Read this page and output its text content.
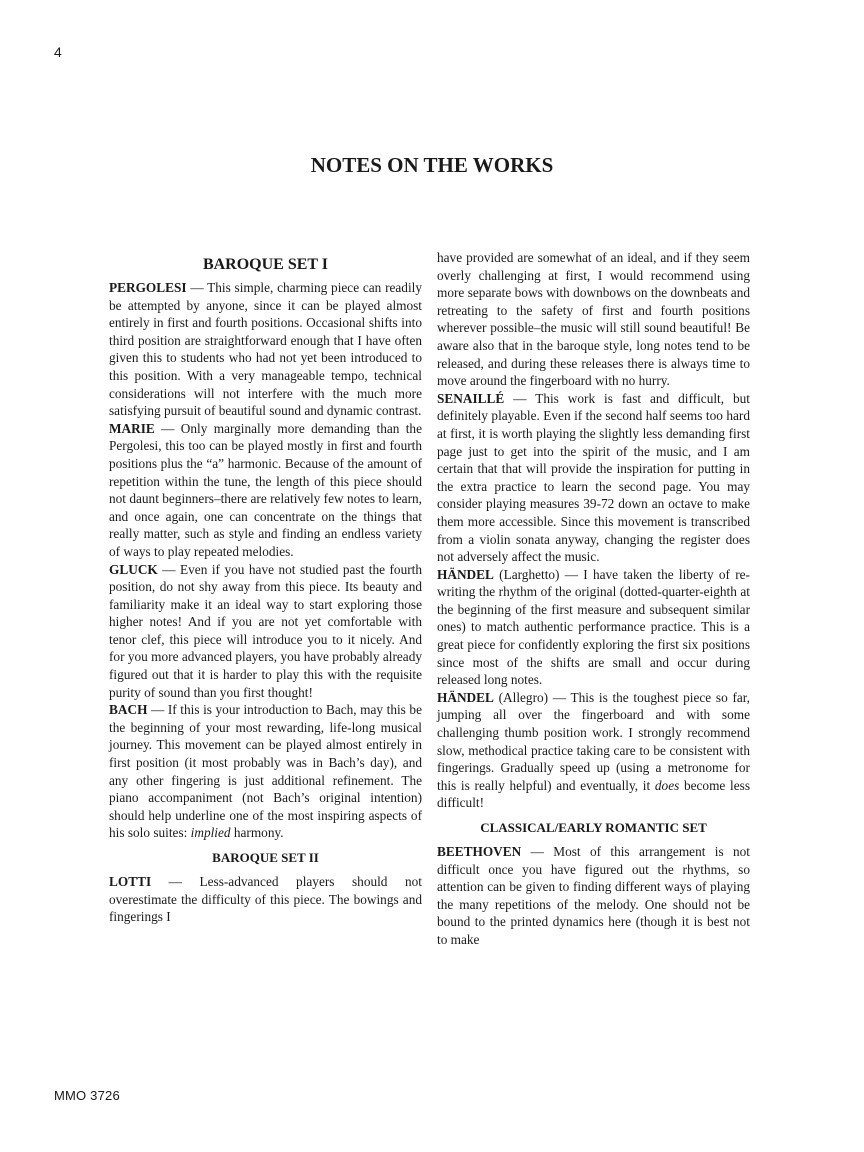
4
NOTES ON THE WORKS
BAROQUE SET I

PERGOLESI — This simple, charming piece can readily be attempted by anyone, since it can be played almost entirely in first and fourth positions. Occasional shifts into third position are straightforward enough that I have often given this to students who had not yet been introduced to this position. With a very manageable tempo, technical considerations will not interfere with the much more satisfying pursuit of beautiful sound and dynamic contrast.

MARIE — Only marginally more demanding than the Pergolesi, this too can be played mostly in first and fourth positions plus the “a” harmonic. Because of the amount of repetition within the tune, the length of this piece should not daunt beginners–there are relatively few notes to learn, and once again, one can concentrate on the things that really matter, such as style and finding an endless variety of ways to play repeated melodies.

GLUCK — Even if you have not studied past the fourth position, do not shy away from this piece. Its beauty and familiarity make it an ideal way to start exploring those higher notes! And if you are not yet comfortable with tenor clef, this piece will introduce you to it nicely. And for you more advanced players, you have probably already figured out that it is harder to play this with the requisite purity of sound than you first thought!

BACH — If this is your introduction to Bach, may this be the beginning of your most rewarding, life-long musical journey. This movement can be played almost entirely in first position (it most probably was in Bach’s day), and any other fingering is just additional refinement. The piano accompaniment (not Bach’s original intention) should help underline one of the most inspiring aspects of his solo suites: implied harmony.

BAROQUE SET II

LOTTI — Less-advanced players should not overestimate the difficulty of this piece. The bowings and fingerings I

have provided are somewhat of an ideal, and if they seem overly challenging at first, I would recommend using more separate bows with downbows on the downbeats and retreating to the safety of first and fourth positions wherever possible–the music will still sound beautiful! Be aware also that in the baroque style, long notes tend to be released, and during these releases there is always time to move around the fingerboard with no hurry.

SENAILLÉ — This work is fast and difficult, but definitely playable. Even if the second half seems too hard at first, it is worth playing the slightly less demanding first page just to get into the spirit of the music, and I am certain that that will provide the inspiration for putting in the extra practice to learn the second page. You may consider playing measures 39-72 down an octave to make them more accessible. Since this movement is transcribed from a violin sonata anyway, changing the register does not adversely affect the music.

HÄNDEL (Larghetto) — I have taken the liberty of re-writing the rhythm of the original (dotted-quarter-eighth at the beginning of the first measure and subsequent similar ones) to match authentic performance practice. This is a great piece for confidently exploring the first six positions since most of the shifts are small and occur during released long notes.

HÄNDEL (Allegro) — This is the toughest piece so far, jumping all over the fingerboard and with some challenging thumb position work. I strongly recommend slow, methodical practice taking care to be consistent with fingerings. Gradually speed up (using a metronome for this is really helpful) and eventually, it does become less difficult!

CLASSICAL/EARLY ROMANTIC SET

BEETHOVEN — Most of this arrangement is not difficult once you have figured out the rhythms, so attention can be given to finding different ways of playing the many repetitions of the melody. One should not be bound to the printed dynamics here (though it is best not to make

MMO 3726
